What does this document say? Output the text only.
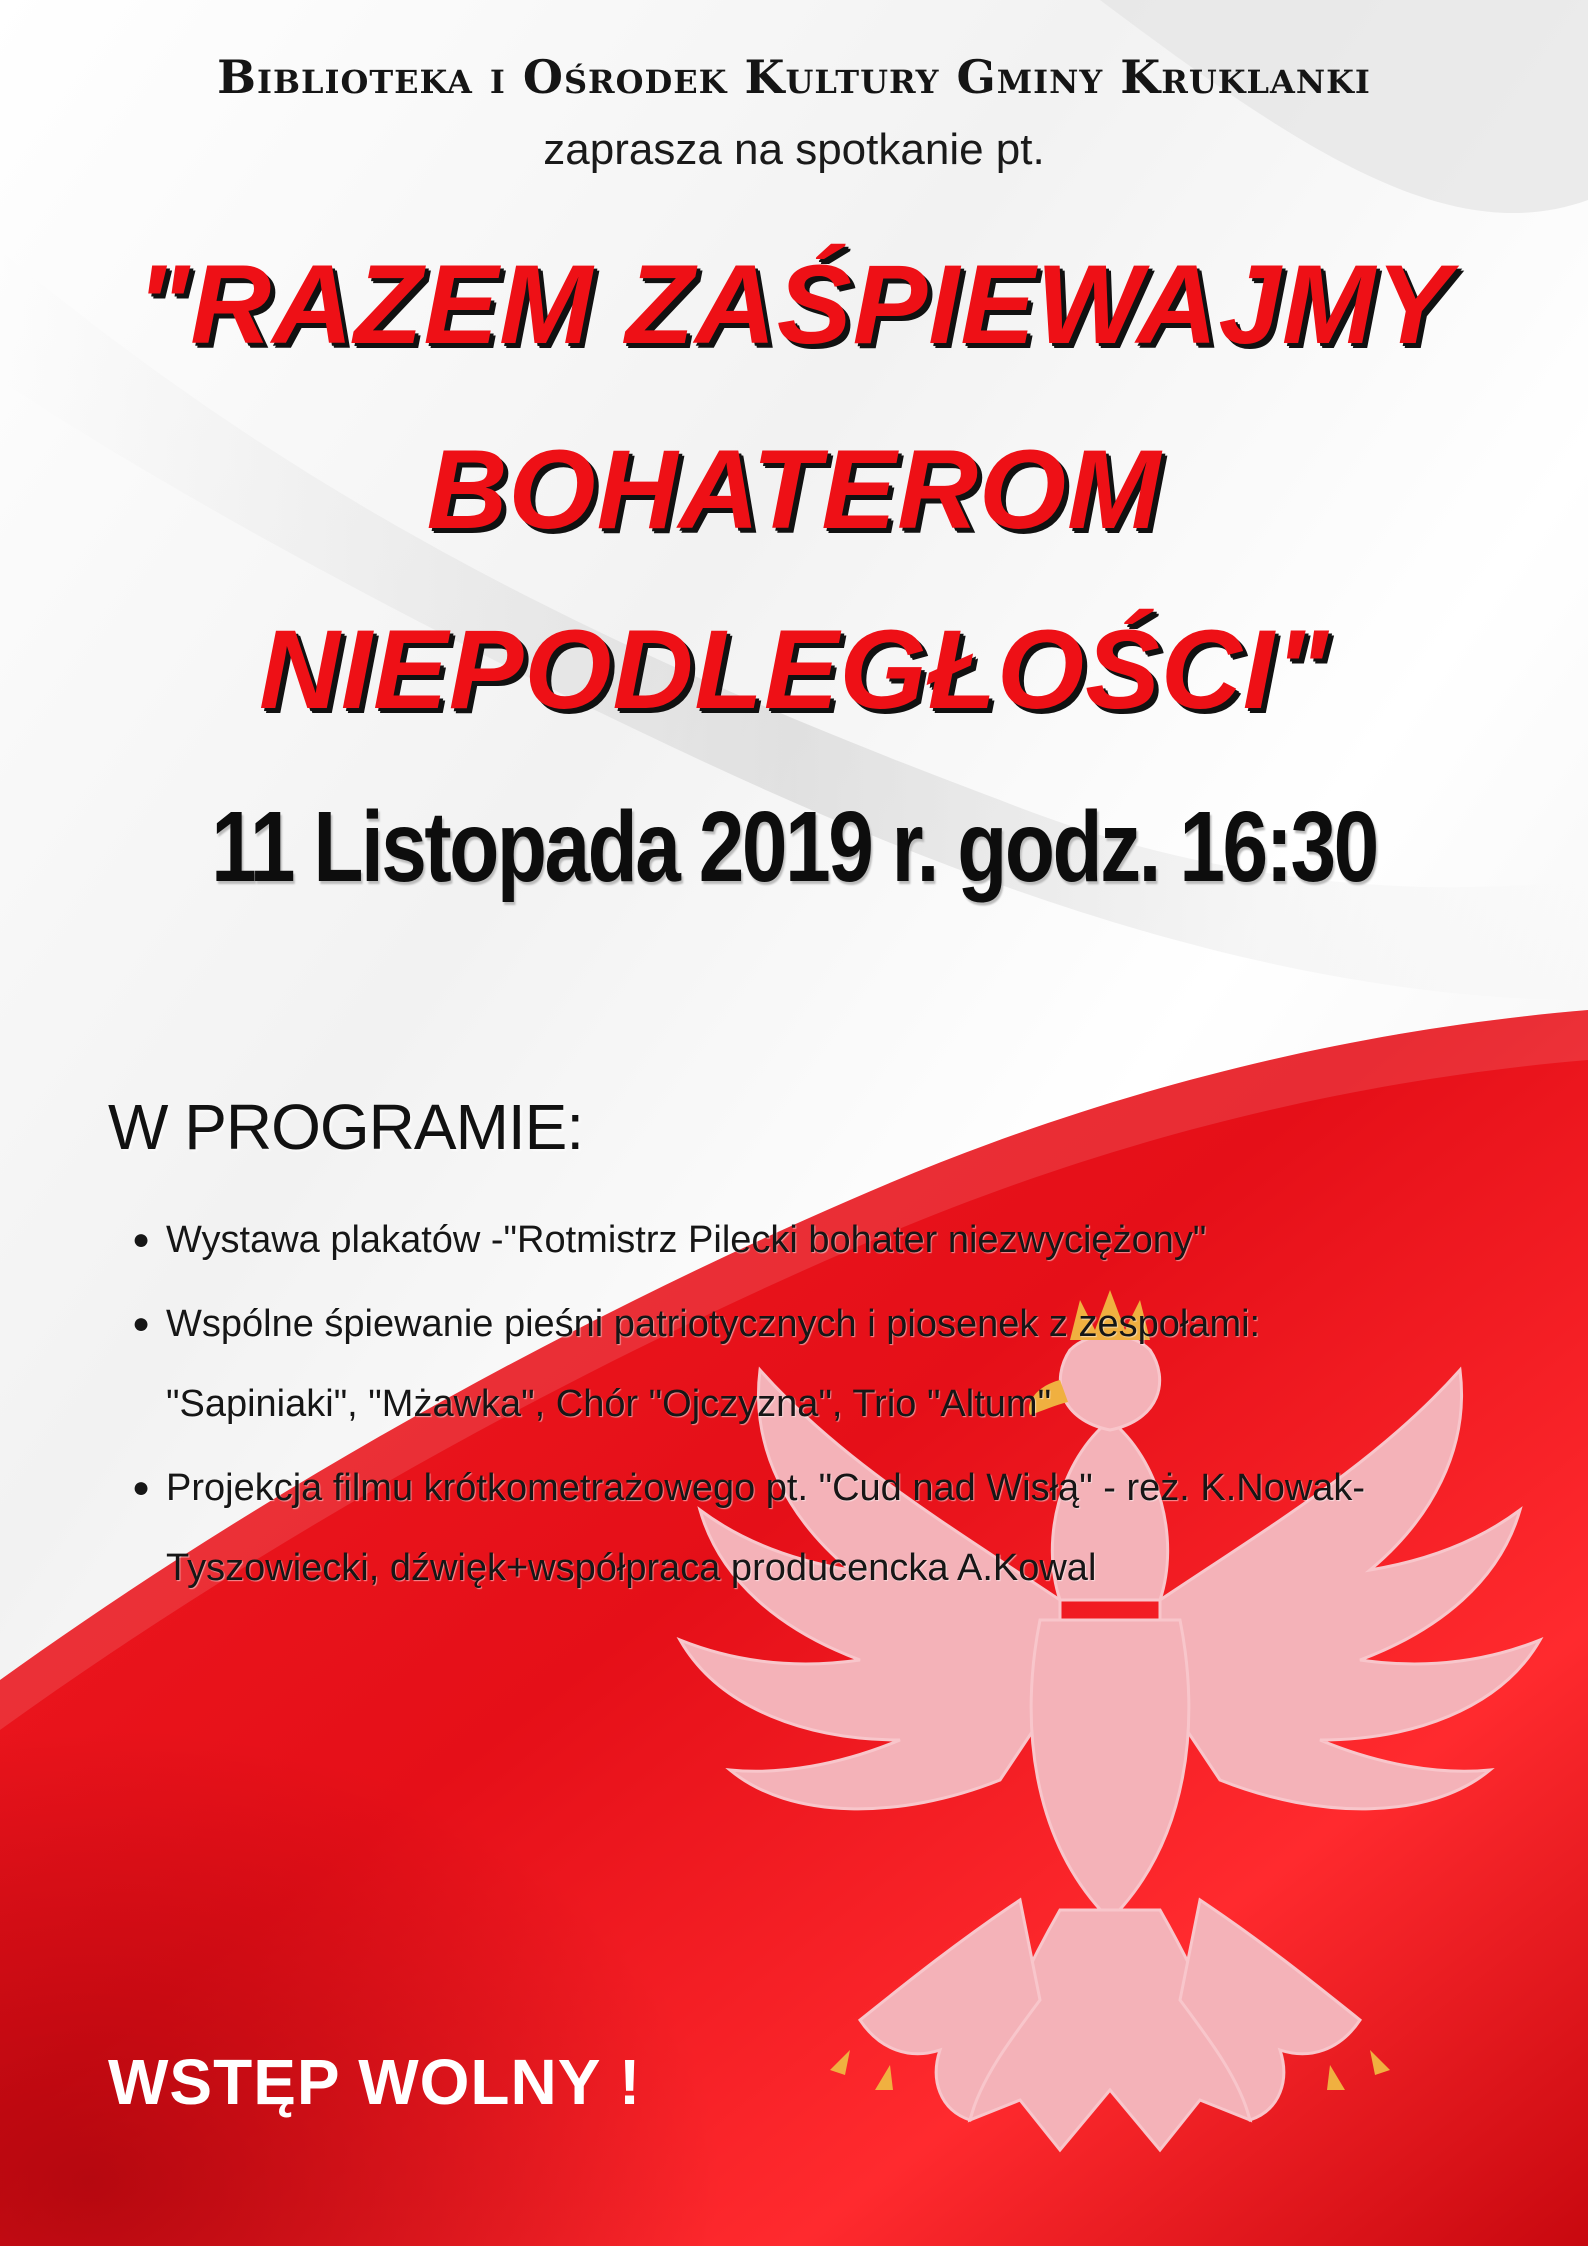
Biblioteka i Ośrodek Kultury Gminy Kruklanki
zaprasza na spotkanie pt.
"RAZEM ZAŚPIEWAJMY
BOHATEROM
NIEPODLEGŁOŚCI"
11 Listopada 2019 r. godz. 16:30
W PROGRAMIE:
● Wystawa plakatów -"Rotmistrz Pilecki bohater niezwyciężony"
● Wspólne śpiewanie pieśni patriotycznych i piosenek z zespołami:
"Sapiniaki", "Mżawka", Chór "Ojczyzna", Trio "Altum"
● Projekcja filmu krótkometrażowego pt. "Cud nad Wisłą" - reż. K.Nowak-
Tyszowiecki, dźwięk+współpraca producencka A.Kowal
WSTĘP WOLNY !
